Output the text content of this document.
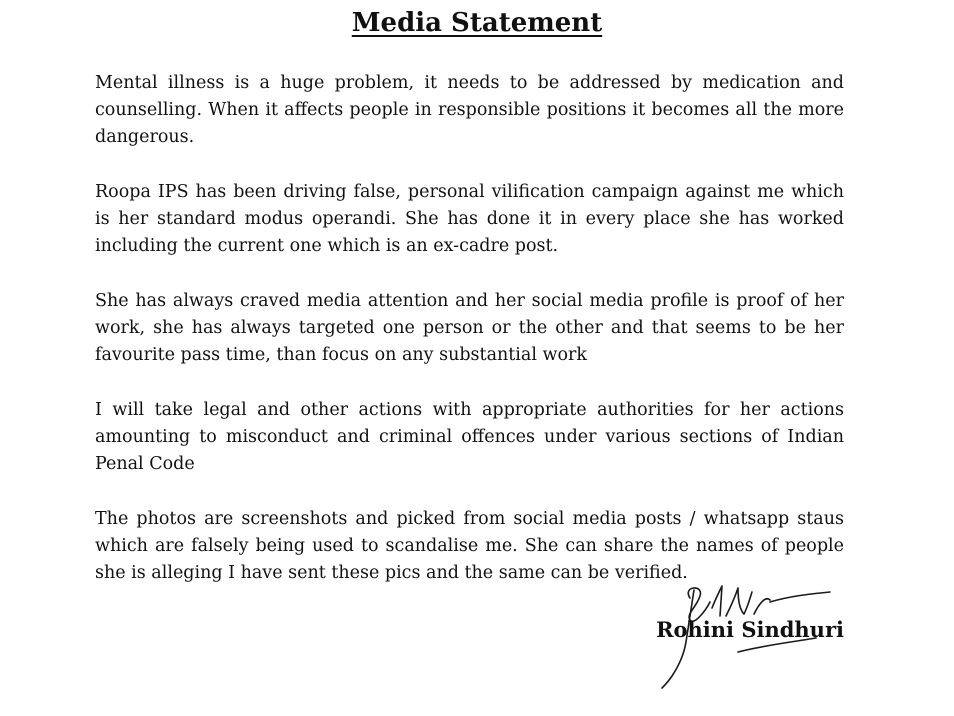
Media Statement

Mental illness is a huge problem, it needs to be addressed by medication and counselling. When it affects people in responsible positions it becomes all the more dangerous.

Roopa IPS has been driving false, personal vilification campaign against me which is her standard modus operandi. She has done it in every place she has worked including the current one which is an ex-cadre post.

She has always craved media attention and her social media profile is proof of her work, she has always targeted one person or the other and that seems to be her favourite pass time, than focus on any substantial work

I will take legal and other actions with appropriate authorities for her actions amounting to misconduct and criminal offences under various sections of Indian Penal Code

The photos are screenshots and picked from social media posts / whatsapp staus which are falsely being used to scandalise me. She can share the names of people she is alleging I have sent these pics and the same can be verified.

Rohini Sindhuri
